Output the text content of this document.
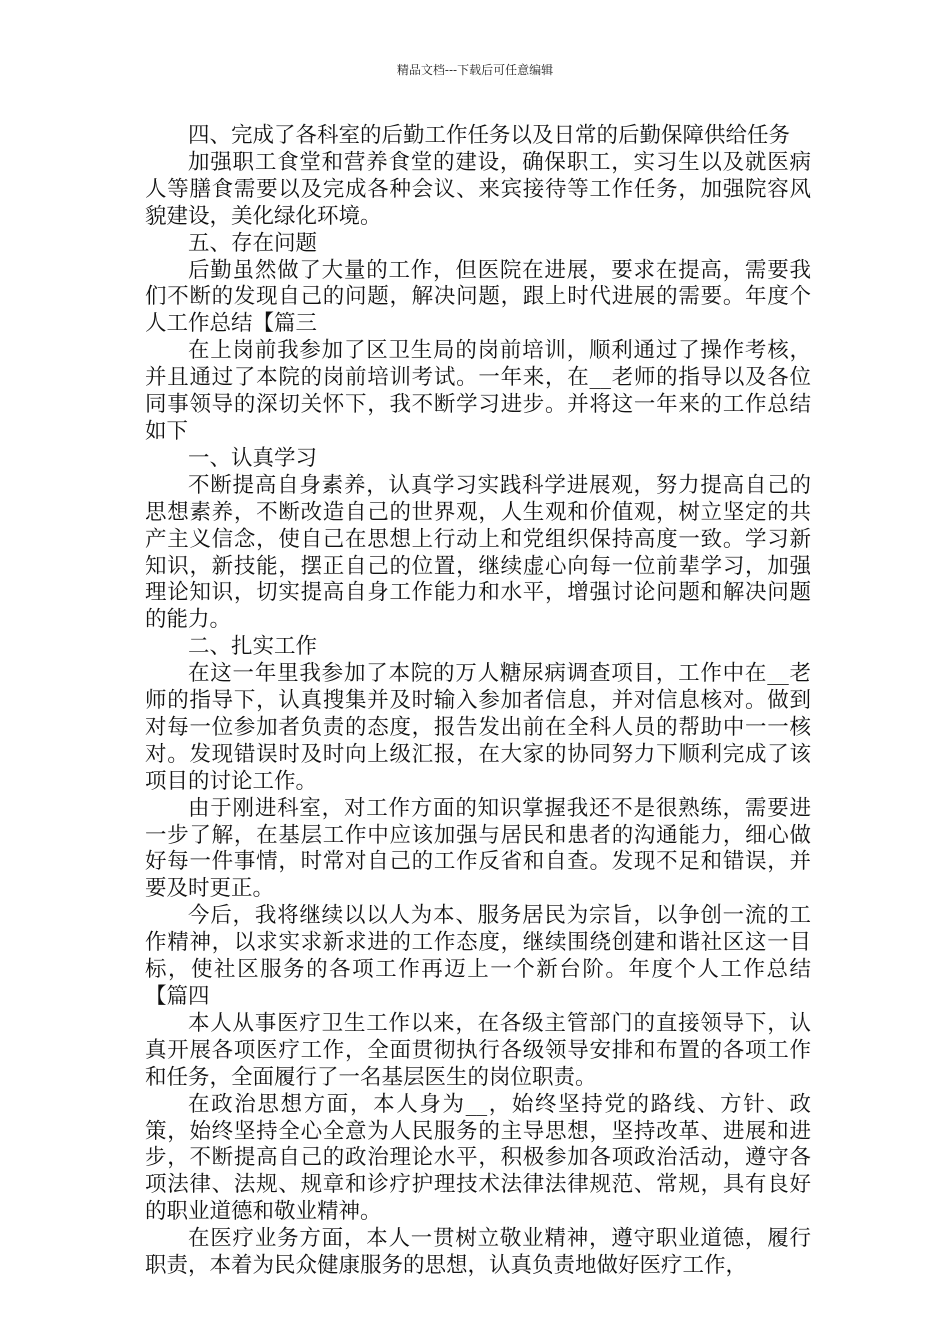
精品文档---下载后可任意编辑

四、完成了各科室的后勤工作任务以及日常的后勤保障供给任务

加强职工食堂和营养食堂的建设，确保职工，实习生以及就医病人等膳食需要以及完成各种会议、来宾接待等工作任务，加强院容风貌建设，美化绿化环境。

五、存在问题

后勤虽然做了大量的工作，但医院在进展，要求在提高，需要我们不断的发现自己的问题，解决问题，跟上时代进展的需要。年度个人工作总结【篇三

在上岗前我参加了区卫生局的岗前培训，顺利通过了操作考核，并且通过了本院的岗前培训考试。一年来，在__老师的指导以及各位同事领导的深切关怀下，我不断学习进步。并将这一年来的工作总结如下

一、认真学习

不断提高自身素养，认真学习实践科学进展观，努力提高自己的思想素养，不断改造自己的世界观，人生观和价值观，树立坚定的共产主义信念，使自己在思想上行动上和党组织保持高度一致。学习新知识，新技能，摆正自己的位置，继续虚心向每一位前辈学习，加强理论知识，切实提高自身工作能力和水平，增强讨论问题和解决问题的能力。

二、扎实工作

在这一年里我参加了本院的万人糖尿病调查项目，工作中在__老师的指导下，认真搜集并及时输入参加者信息，并对信息核对。做到对每一位参加者负责的态度，报告发出前在全科人员的帮助中一一核对。发现错误时及时向上级汇报，在大家的协同努力下顺利完成了该项目的讨论工作。

由于刚进科室，对工作方面的知识掌握我还不是很熟练，需要进一步了解，在基层工作中应该加强与居民和患者的沟通能力，细心做好每一件事情，时常对自己的工作反省和自查。发现不足和错误，并要及时更正。

今后，我将继续以以人为本、服务居民为宗旨，以争创一流的工作精神，以求实求新求进的工作态度，继续围绕创建和谐社区这一目标，使社区服务的各项工作再迈上一个新台阶。年度个人工作总结【篇四

本人从事医疗卫生工作以来，在各级主管部门的直接领导下，认真开展各项医疗工作，全面贯彻执行各级领导安排和布置的各项工作和任务，全面履行了一名基层医生的岗位职责。

在政治思想方面，本人身为__，始终坚持党的路线、方针、政策，始终坚持全心全意为人民服务的主导思想，坚持改革、进展和进步，不断提高自己的政治理论水平，积极参加各项政治活动，遵守各项法律、法规、规章和诊疗护理技术法律法律规范、常规，具有良好的职业道德和敬业精神。

在医疗业务方面，本人一贯树立敬业精神，遵守职业道德，履行职责，本着为民众健康服务的思想，认真负责地做好医疗工作，
